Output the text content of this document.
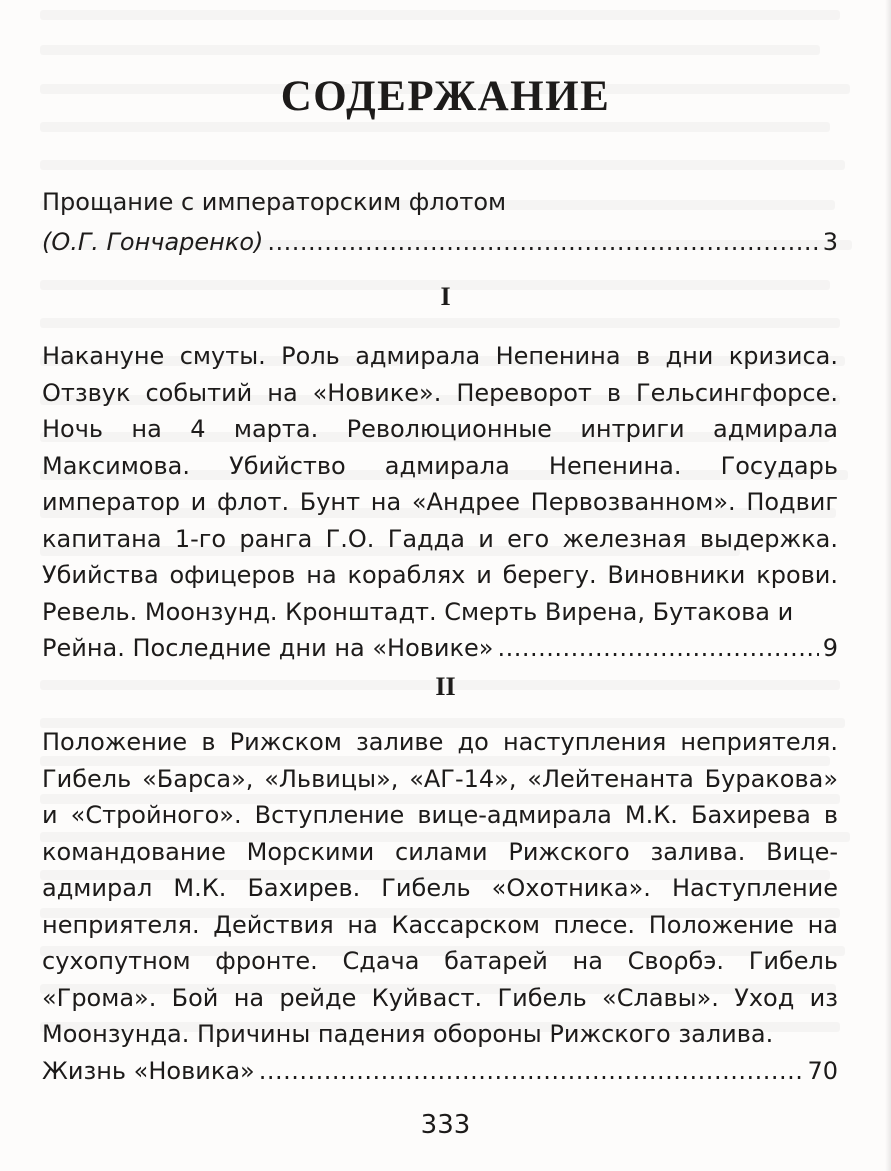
СОДЕРЖАНИЕ
Прощание с императорским флотом
(О.Г. Гончаренко) .....	3
I
Накануне смуты. Роль адмирала Непенина в дни кризиса. Отзвук событий на «Новике». Переворот в Гельсингфорсе. Ночь на 4 марта. Революционные интриги адмирала Максимова. Убийство адмирала Непенина. Государь император и флот. Бунт на «Андрее Первозванном». Подвиг капитана 1-го ранга Г.О. Гадда и его железная выдержка. Убийства офицеров на кораблях и берегу. Виновники крови. Ревель. Моонзунд. Кронштадт. Смерть Вирена, Бутакова и
Рейна. Последние дни на «Новике» .....	9
II
Положение в Рижском заливе до наступления неприятеля. Гибель «Барса», «Львицы», «АГ-14», «Лейтенанта Буракова» и «Стройного». Вступление вице-адмирала М.К. Бахирева в командование Морскими силами Рижского залива. Вице-адмирал М.К. Бахирев. Гибель «Охотника». Наступление неприятеля. Действия на Кассарском плесе. Положение на сухопутном фронте. Сдача батарей на Свορбэ. Гибель «Грома». Бой на рейде Куйваст. Гибель «Славы». Уход из Моонзунда. Причины падения обороны Рижского залива.
Жизнь «Новика» .....	70
333
